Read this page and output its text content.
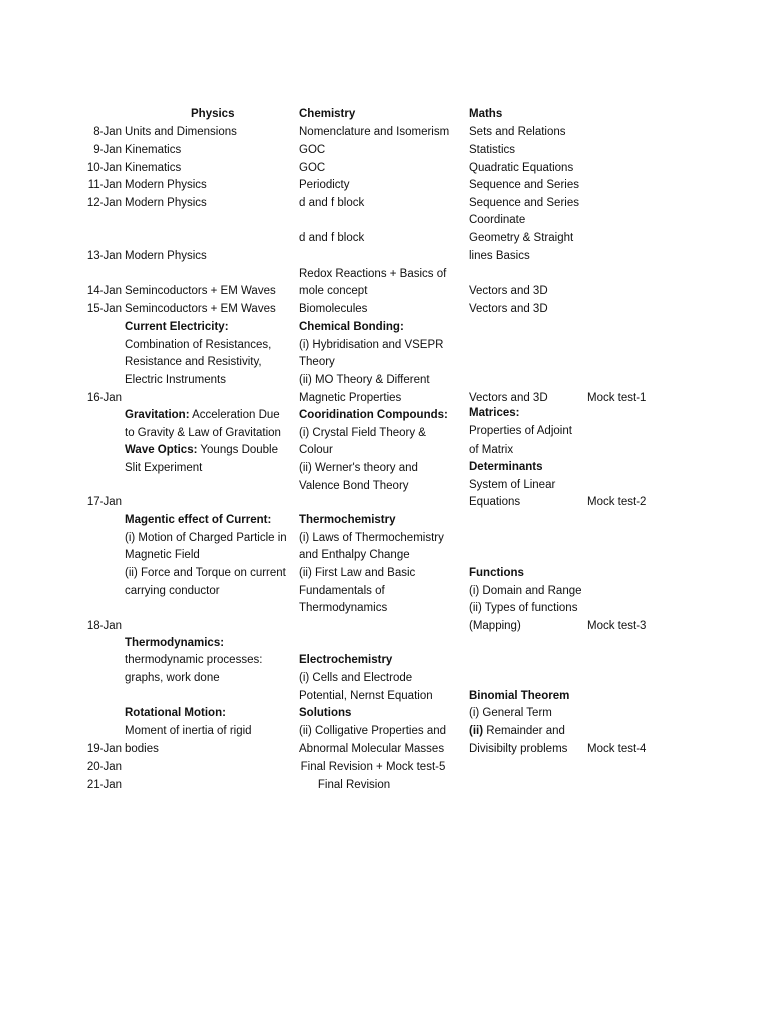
Physics	Chemistry	Maths
8-Jan
9-Jan
10-Jan
11-Jan
12-Jan
13-Jan
14-Jan
15-Jan
16-Jan
17-Jan
18-Jan
19-Jan
20-Jan
21-Jan
Units and Dimensions
Kinematics
Kinematics
Modern Physics
Modern Physics
Modern Physics
Semincoductors + EM Waves
Semincoductors + EM Waves
Current Electricity:
Combination of Resistances,
Resistance and Resistivity,
Electric Instruments
Gravitation: Acceleration Due
to Gravity & Law of Gravitation
Wave Optics: Youngs Double
Slit Experiment
Magentic effect of Current:
(i) Motion of Charged Particle in
Magnetic Field
(ii) Force and Torque on current
carrying conductor
Thermodynamics:
thermodynamic processes:
graphs, work done
Rotational Motion:
Moment of inertia of rigid
bodies
Nomenclature and Isomerism
GOC
GOC
Periodicty
d and f block
d and f block
Redox Reactions + Basics of
mole concept
Biomolecules
Chemical Bonding:
(i) Hybridisation and VSEPR
Theory
(ii) MO Theory & Different
Magnetic Properties
Cooridination Compounds:
(i) Crystal Field Theory &
Colour
(ii) Werner's theory and
Valence Bond Theory
Thermochemistry
(i) Laws of Thermochemistry
and Enthalpy Change
(ii) First Law and Basic
Fundamentals of
Thermodynamics
Electrochemistry
(i) Cells and Electrode
Potential, Nernst Equation
Solutions
(ii) Colligative Properties and
Abnormal Molecular Masses
Sets and Relations
Statistics
Quadratic Equations
Sequence and Series
Sequence and Series
Coordinate
Geometry & Straight
lines Basics
Vectors and 3D
Vectors and 3D
Vectors and 3D
Matrices:
Properties of Adjoint
of Matrix
Determinants
System of Linear
Equations
Functions
(i) Domain and Range
(ii) Types of functions
(Mapping)
Binomial Theorem
(i) General Term
(ii) Remainder and
Divisibilty problems
Mock test-1
Mock test-2
Mock test-3
Mock test-4
Final Revision + Mock test-5
Final Revision
